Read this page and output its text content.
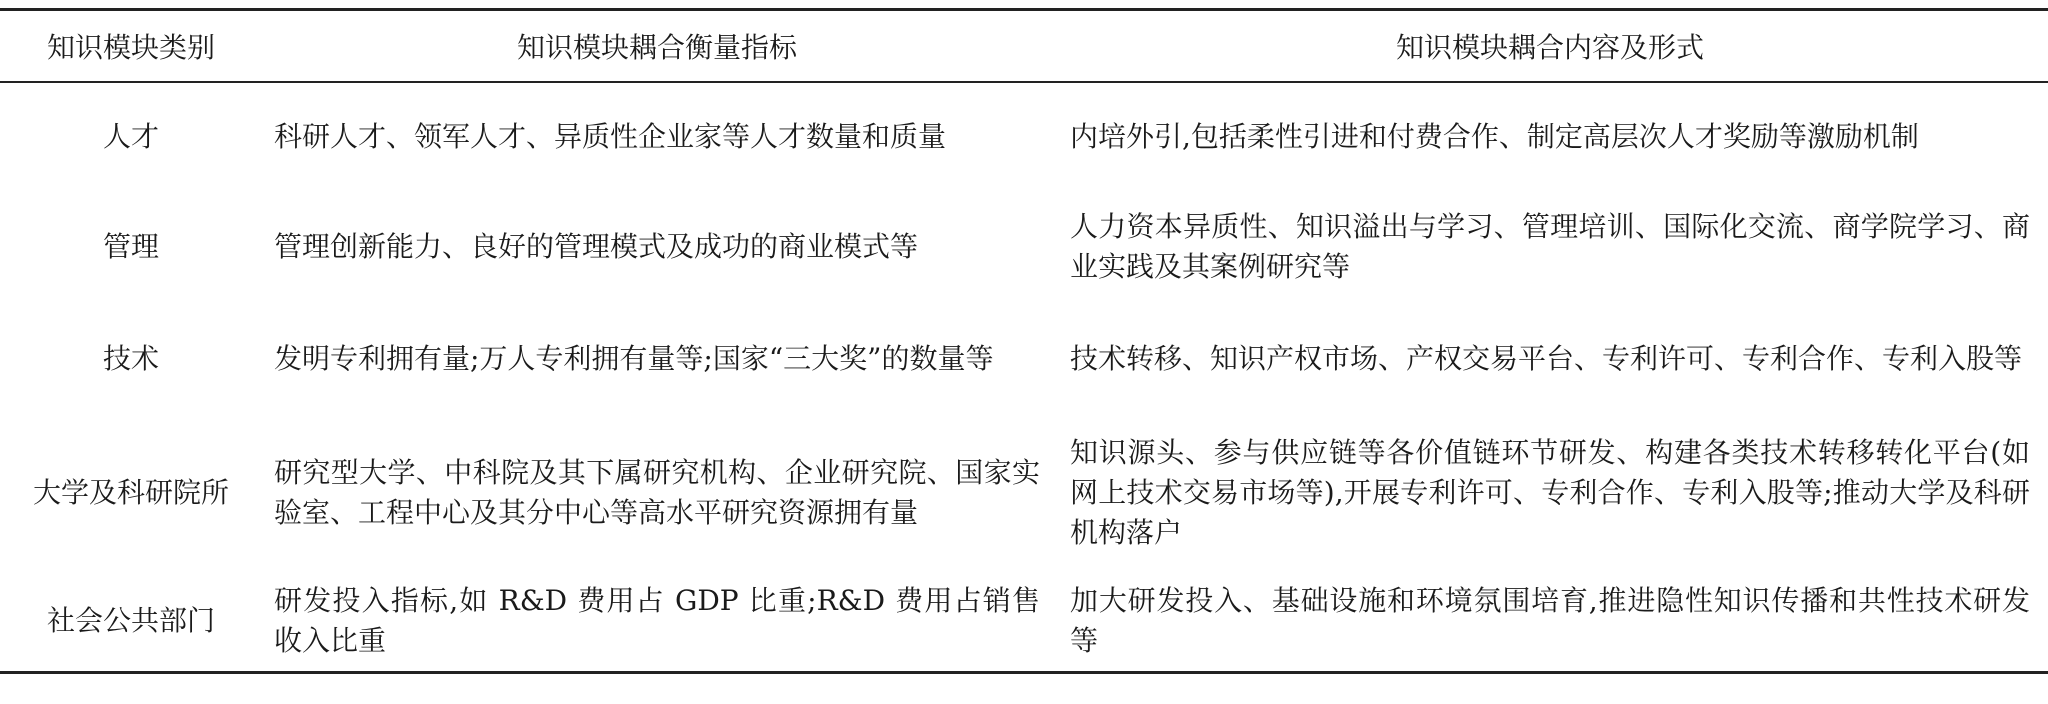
知识模块类别	知识模块耦合衡量指标	知识模块耦合内容及形式
人才	科研人才、领军人才、异质性企业家等人才数量和质量	内培外引,包括柔性引进和付费合作、制定高层次人才奖励等激励机制
管理	管理创新能力、良好的管理模式及成功的商业模式等	人力资本异质性、知识溢出与学习、管理培训、国际化交流、商学院学习、商业实践及其案例研究等
技术	发明专利拥有量;万人专利拥有量等;国家“三大奖”的数量等	技术转移、知识产权市场、产权交易平台、专利许可、专利合作、专利入股等
大学及科研院所	研究型大学、中科院及其下属研究机构、企业研究院、国家实验室、工程中心及其分中心等高水平研究资源拥有量	知识源头、参与供应链等各价值链环节研发、构建各类技术转移转化平台(如网上技术交易市场等),开展专利许可、专利合作、专利入股等;推动大学及科研机构落户
社会公共部门	研发投入指标,如 R&D 费用占 GDP 比重;R&D 费用占销售收入比重	加大研发投入、基础设施和环境氛围培育,推进隐性知识传播和共性技术研发等
